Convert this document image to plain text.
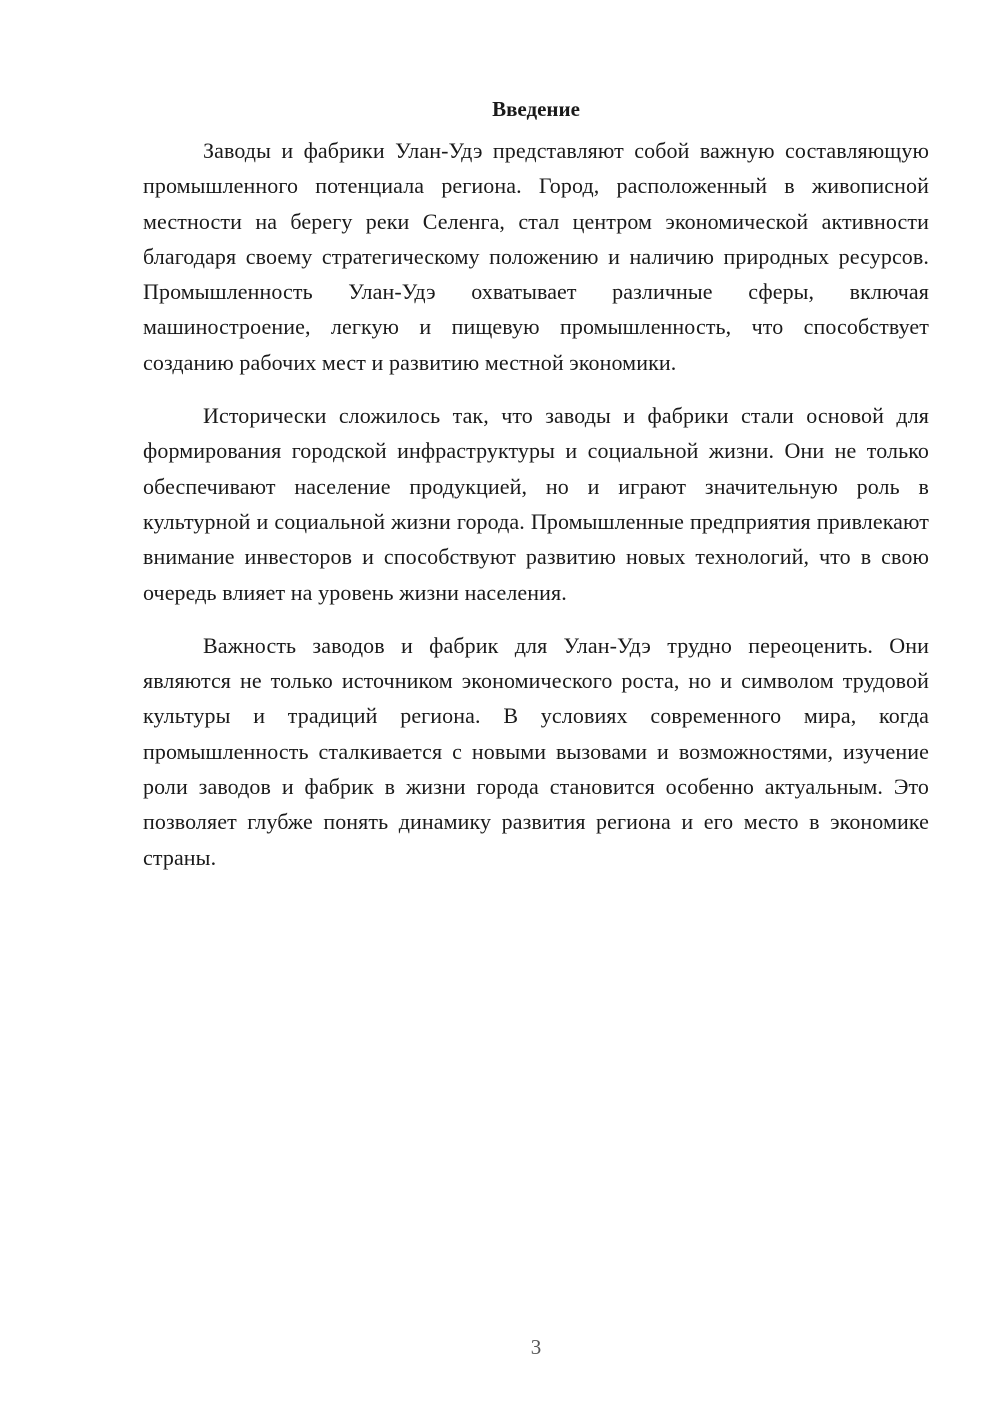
Введение

Заводы и фабрики Улан-Удэ представляют собой важную составляющую промышленного потенциала региона. Город, расположенный в живописной местности на берегу реки Селенга, стал центром экономической активности благодаря своему стратегическому положению и наличию природных ресурсов. Промышленность Улан-Удэ охватывает различные сферы, включая машиностроение, легкую и пищевую промышленность, что способствует созданию рабочих мест и развитию местной экономики.

Исторически сложилось так, что заводы и фабрики стали основой для формирования городской инфраструктуры и социальной жизни. Они не только обеспечивают население продукцией, но и играют значительную роль в культурной и социальной жизни города. Промышленные предприятия привлекают внимание инвесторов и способствуют развитию новых технологий, что в свою очередь влияет на уровень жизни населения.

Важность заводов и фабрик для Улан-Удэ трудно переоценить. Они являются не только источником экономического роста, но и символом трудовой культуры и традиций региона. В условиях современного мира, когда промышленность сталкивается с новыми вызовами и возможностями, изучение роли заводов и фабрик в жизни города становится особенно актуальным. Это позволяет глубже понять динамику развития региона и его место в экономике страны.

3
